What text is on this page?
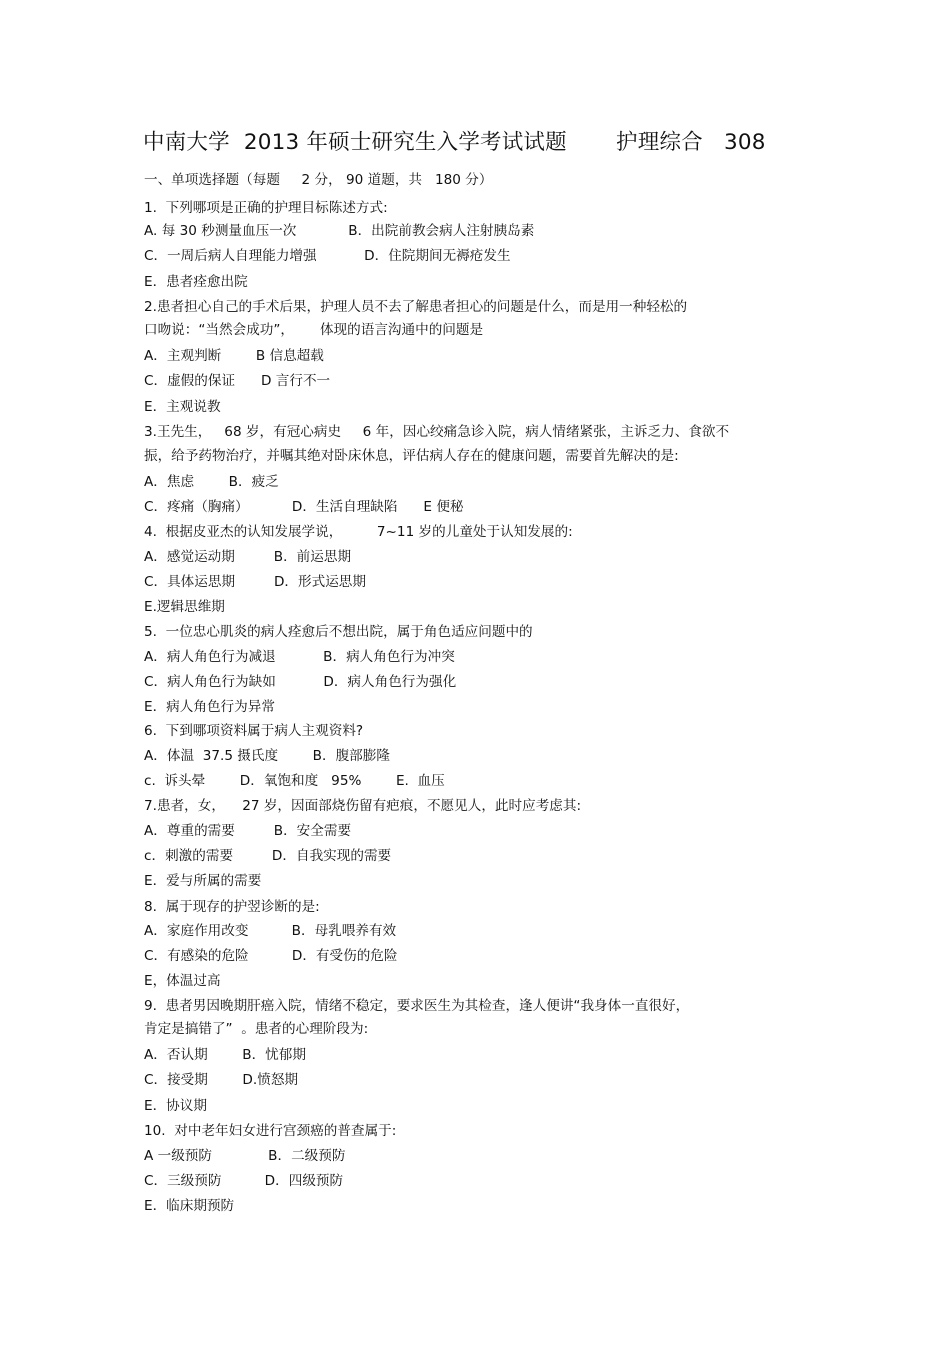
中南大学  2013 年硕士研究生入学考试试题       护理综合   308
一、单项选择题（每题     2 分， 90 道题，共   180 分）
1.  下列哪项是正确的护理目标陈述方式:
A. 每 30 秒测量血压一次            B．出院前教会病人注射胰岛素
C．一周后病人自理能力增强           D．住院期间无褥疮发生
E．患者痊愈出院
2.患者担心自己的手术后果，护理人员不去了解患者担心的问题是什么，而是用一种轻松的
口吻说：“当然会成功”，      体现的语言沟通中的问题是
A．主观判断        B 信息超载
C．虚假的保证      D 言行不一
E．主观说教
3.王先生，   68 岁，有冠心病史     6 年，因心绞痛急诊入院，病人情绪紧张，主诉乏力、食欲不
振，给予药物治疗，并嘱其绝对卧床休息，评估病人存在的健康问题，需要首先解决的是:
A．焦虑        B．疲乏
C．疼痛（胸痛）          D．生活自理缺陷      E 便秘
4.  根据皮亚杰的认知发展学说，        7~11 岁的儿童处于认知发展的:
A．感觉运动期         B．前运思期
C．具体运思期         D．形式运思期
E.逻辑思维期
5.  一位忠心肌炎的病人痊愈后不想出院，属于角色适应问题中的
A．病人角色行为减退           B．病人角色行为冲突
C．病人角色行为缺如           D．病人角色行为强化
E．病人角色行为异常
6.  下到哪项资料属于病人主观资料?
A．体温  37.5 摄氏度        B．腹部膨隆
c.  诉头晕        D．氧饱和度   95%        E.  血压
7.患者，女，    27 岁，因面部烧伤留有疤痕，不愿见人，此时应考虑其:
A．尊重的需要         B．安全需要
c．刺激的需要         D．自我实现的需要
E．爱与所属的需要
8.  属于现存的护翌诊断的是:
A．家庭作用改变          B．母乳喂养有效
C．有感染的危险          D．有受伤的危险
E，体温过高
9.  患者男因晚期肝癌入院，情绪不稳定，要求医生为其检查，逢人便讲“我身体一直很好，
肯定是搞错了”  。患者的心理阶段为:
A．否认期        B．忧郁期
C．接受期        D.愤怒期
E．协议期
10.  对中老年妇女进行宫颈癌的普查属于:
A 一级预防             B．二级预防
C．三级预防          D．四级预防
E．临床期预防
